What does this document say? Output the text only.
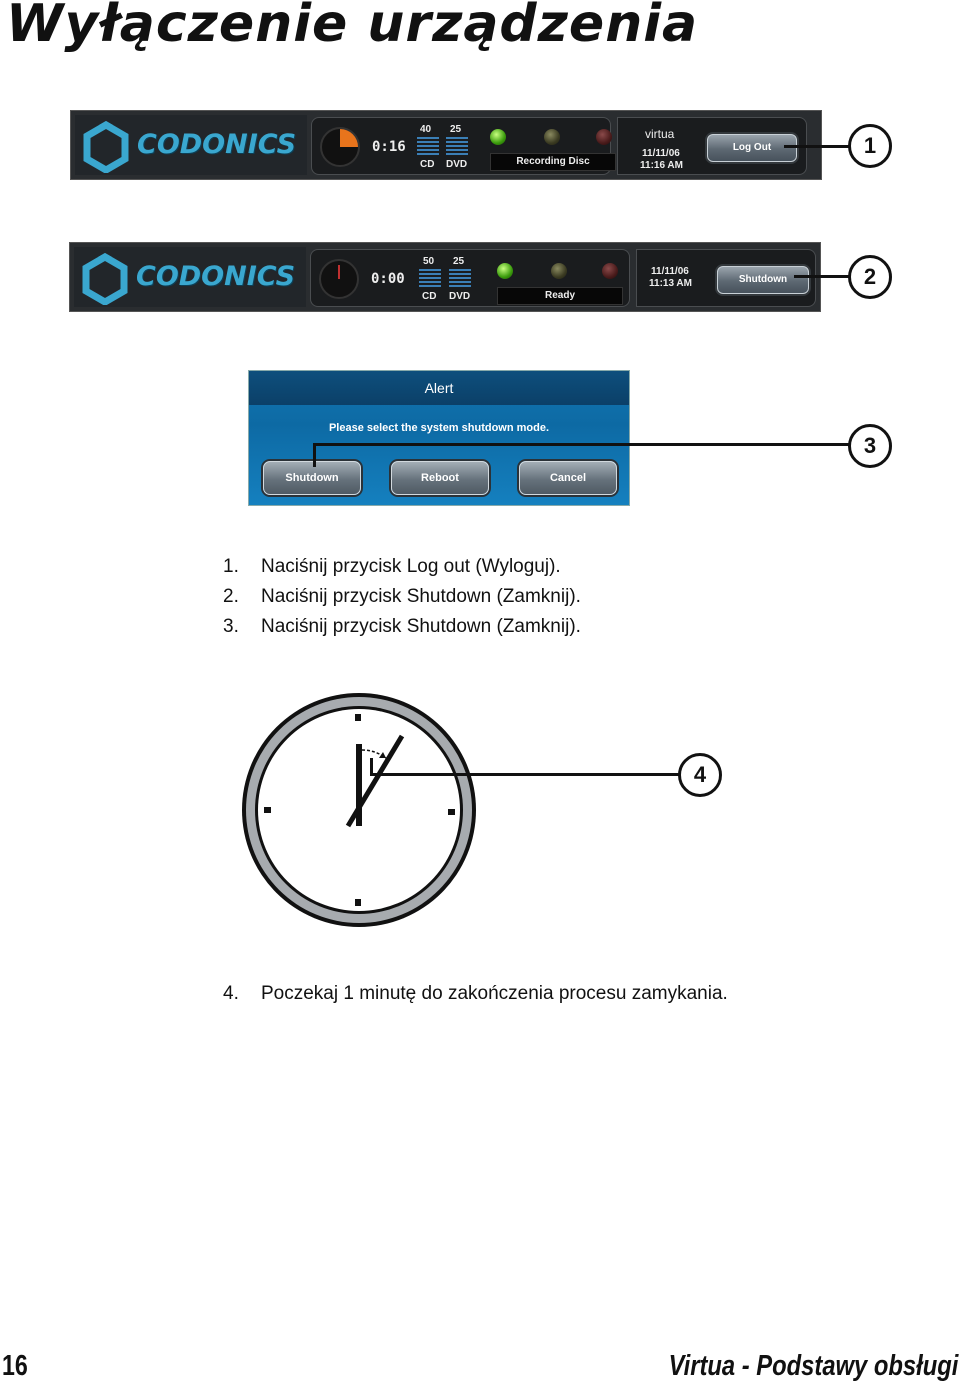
Wyłączenie urządzenia
CODONICS	0:16
40 25
CD DVD	Recording Disc
virtua
11/11/06
11:16 AM
Log Out
CODONICS	0:00
50 25
CD DVD	Ready
11/11/06
11:13 AM	Shutdown
1
2
Alert
Please select the system shutdown mode.
Shutdown	Reboot	Cancel
3
1. Naciśnij przycisk Log out (Wyloguj).
2. Naciśnij przycisk Shutdown (Zamknij).
3. Naciśnij przycisk Shutdown (Zamknij).
4
4. Poczekaj 1 minutę do zakończenia procesu zamykania.
16	Virtua - Podstawy obsługi
